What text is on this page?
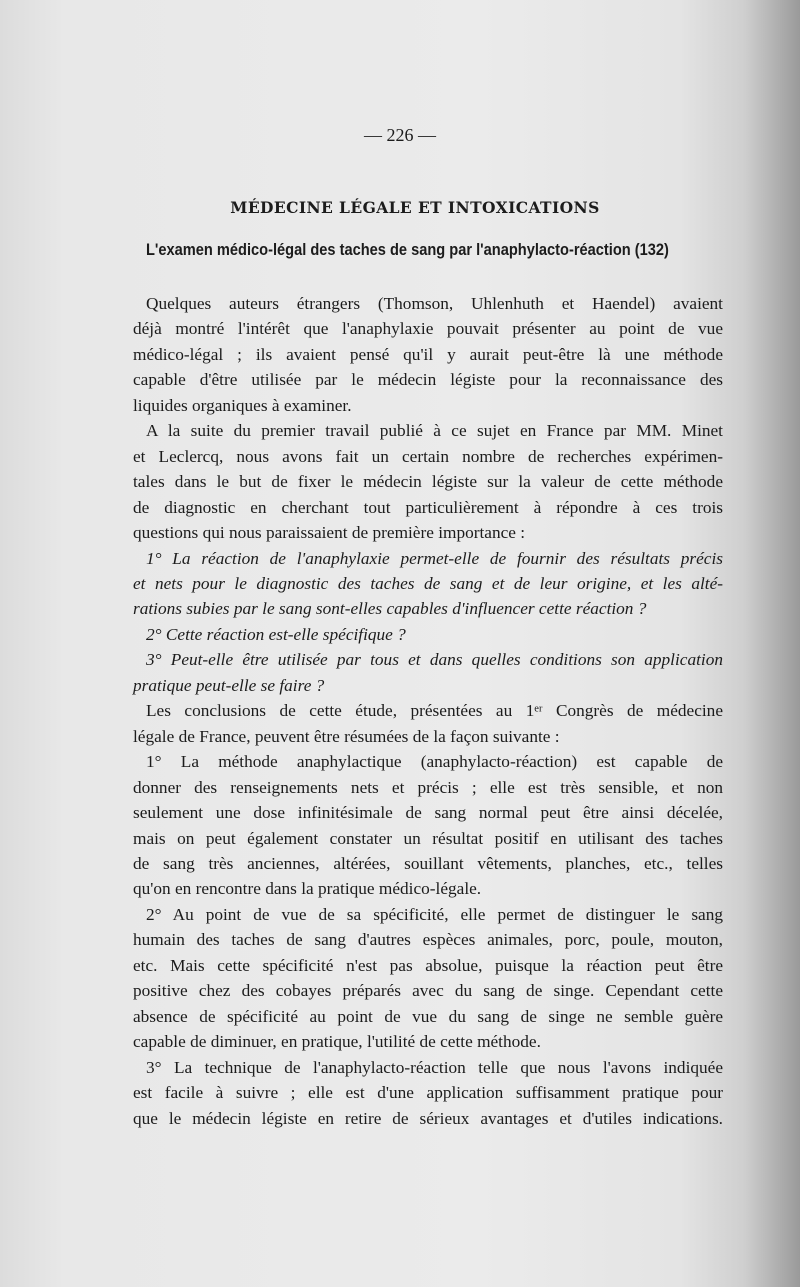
— 226 —
MÉDECINE LÉGALE ET INTOXICATIONS
L'examen médico-légal des taches de sang par l'anaphylacto-réaction (132)
Quelques auteurs étrangers (Thomson, Uhlenhuth et Haendel) avaient
déjà montré l'intérêt que l'anaphylaxie pouvait présenter au point de vue
médico-légal ; ils avaient pensé qu'il y aurait peut-être là une méthode
capable d'être utilisée par le médecin légiste pour la reconnaissance des
liquides organiques à examiner.
A la suite du premier travail publié à ce sujet en France par MM. Minet
et Leclercq, nous avons fait un certain nombre de recherches expérimen-
tales dans le but de fixer le médecin légiste sur la valeur de cette méthode
de diagnostic en cherchant tout particulièrement à répondre à ces trois
questions qui nous paraissaient de première importance :
1° La réaction de l'anaphylaxie permet-elle de fournir des résultats précis
et nets pour le diagnostic des taches de sang et de leur origine, et les alté-
rations subies par le sang sont-elles capables d'influencer cette réaction ?
2° Cette réaction est-elle spécifique ?
3° Peut-elle être utilisée par tous et dans quelles conditions son application
pratique peut-elle se faire ?
Les conclusions de cette étude, présentées au 1ᵉʳ Congrès de médecine
légale de France, peuvent être résumées de la façon suivante :
1° La méthode anaphylactique (anaphylacto-réaction) est capable de
donner des renseignements nets et précis ; elle est très sensible, et non
seulement une dose infinitésimale de sang normal peut être ainsi décelée,
mais on peut également constater un résultat positif en utilisant des taches
de sang très anciennes, altérées, souillant vêtements, planches, etc., telles
qu'on en rencontre dans la pratique médico-légale.
2° Au point de vue de sa spécificité, elle permet de distinguer le sang
humain des taches de sang d'autres espèces animales, porc, poule, mouton,
etc. Mais cette spécificité n'est pas absolue, puisque la réaction peut être
positive chez des cobayes préparés avec du sang de singe. Cependant cette
absence de spécificité au point de vue du sang de singe ne semble guère
capable de diminuer, en pratique, l'utilité de cette méthode.
3° La technique de l'anaphylacto-réaction telle que nous l'avons indiquée
est facile à suivre ; elle est d'une application suffisamment pratique pour
que le médecin légiste en retire de sérieux avantages et d'utiles indications.
